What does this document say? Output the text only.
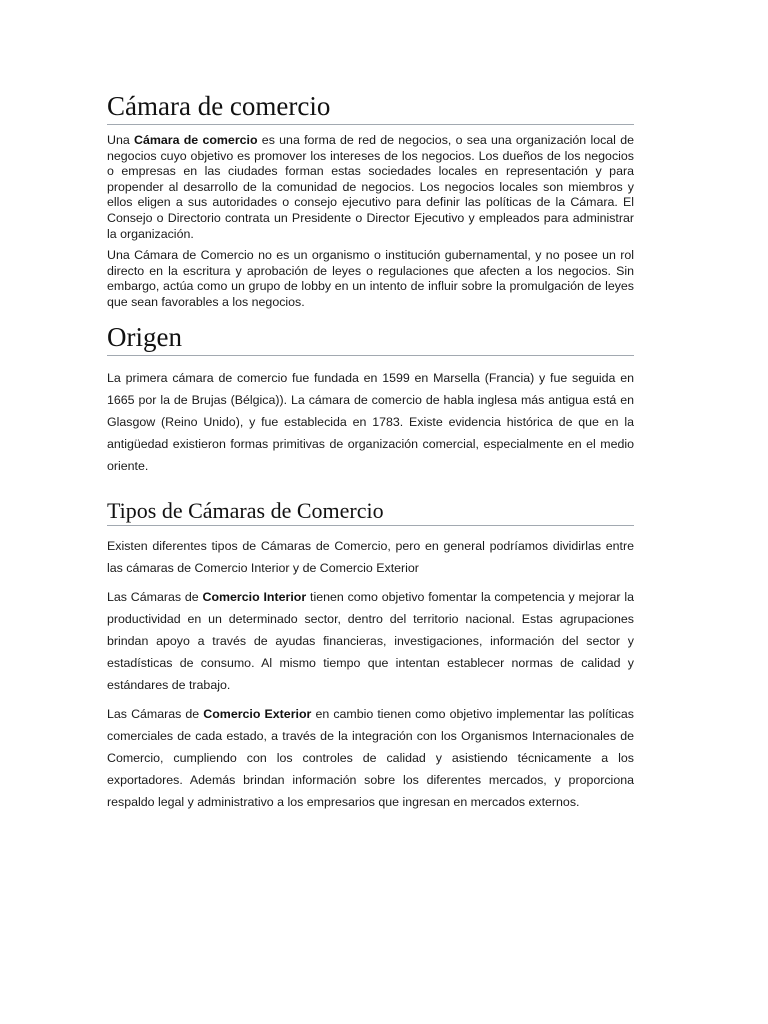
Cámara de comercio

Una Cámara de comercio es una forma de red de negocios, o sea una organización local de negocios cuyo objetivo es promover los intereses de los negocios. Los dueños de los negocios o empresas en las ciudades forman estas sociedades locales en representación y para propender al desarrollo de la comunidad de negocios. Los negocios locales son miembros y ellos eligen a sus autoridades o consejo ejecutivo para definir las políticas de la Cámara. El Consejo o Directorio contrata un Presidente o Director Ejecutivo y empleados para administrar la organización.

Una Cámara de Comercio no es un organismo o institución gubernamental, y no posee un rol directo en la escritura y aprobación de leyes o regulaciones que afecten a los negocios. Sin embargo, actúa como un grupo de lobby en un intento de influir sobre la promulgación de leyes que sean favorables a los negocios.

Origen

La primera cámara de comercio fue fundada en 1599 en Marsella (Francia) y fue seguida en 1665 por la de Brujas (Bélgica)). La cámara de comercio de habla inglesa más antigua está en Glasgow (Reino Unido), y fue establecida en 1783. Existe evidencia histórica de que en la antigüedad existieron formas primitivas de organización comercial, especialmente en el medio oriente.

Tipos de Cámaras de Comercio

Existen diferentes tipos de Cámaras de Comercio, pero en general podríamos dividirlas entre las cámaras de Comercio Interior y de Comercio Exterior

Las Cámaras de Comercio Interior tienen como objetivo fomentar la competencia y mejorar la productividad en un determinado sector, dentro del territorio nacional. Estas agrupaciones brindan apoyo a través de ayudas financieras, investigaciones, información del sector y estadísticas de consumo. Al mismo tiempo que intentan establecer normas de calidad y estándares de trabajo.

Las Cámaras de Comercio Exterior en cambio tienen como objetivo implementar las políticas comerciales de cada estado, a través de la integración con los Organismos Internacionales de Comercio, cumpliendo con los controles de calidad y asistiendo técnicamente a los exportadores. Además brindan información sobre los diferentes mercados, y proporciona respaldo legal y administrativo a los empresarios que ingresan en mercados externos.
